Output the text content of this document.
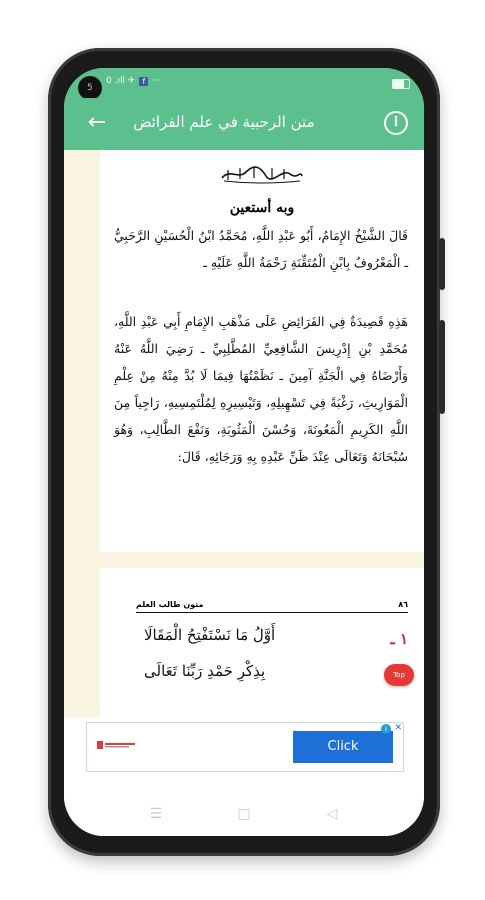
5
0 .ıll ✈ f ···
←	متن الرحبية في علم الفرائض	i
وبه أستعين
قَالَ الشَّيْخُ الإِمَامُ، أَبُو عَبْدِ اللَّهِ، مُحَمَّدُ ابْنُ الْحُسَيْنِ الرَّحَبِيُّ ـ الْمَعْرُوفُ بِابْنِ الْمُتَقِّنَةِ رَحْمَةُ اللَّهِ عَلَيْهِ ـ
هَذِهِ قَصِيدَةٌ فِي الفَرَائِضِ عَلَى مَذْهَبِ الإِمَامِ أَبِي عَبْدِ اللَّهِ، مُحَمَّدِ بْنِ إِدْرِيسَ الشَّافِعِيِّ المُطَّلِبِيِّ ـ رَضِيَ اللَّهُ عَنْهُ وَأَرْضَاهُ فِي الْجَنَّةِ آمِينَ ـ نَظَمْتُهَا فِيمَا لَا بُدَّ مِنْهُ مِنْ عِلْمِ الْمَوَارِيثِ، رَغْبَةً فِي تَسْهِيلِهِ، وَتَيْسِيرِهِ لِمُلْتَمِسِيهِ، رَاجِياً مِنَ اللَّهِ الكَرِيمِ الْمَعُونَةَ، وَحُسْنَ الْمَثُوبَةِ، وَنَفْعَ الطَّالِبِ، وَهُوَ سُبْحَانَهُ وَتَعَالَى عِنْدَ ظَنِّ عَبْدِهِ بِهِ وَرَجَائِهِ، قَالَ:
متون طالب العلم	٨٦
١ ـ
أَوَّلُ مَا نَسْتَفْتِحُ الْمَقَالَا
بِذِكْرِ حَمْدِ رَبِّنَا تَعَالَى	Top
Click
i ✕
☰	□	◁
